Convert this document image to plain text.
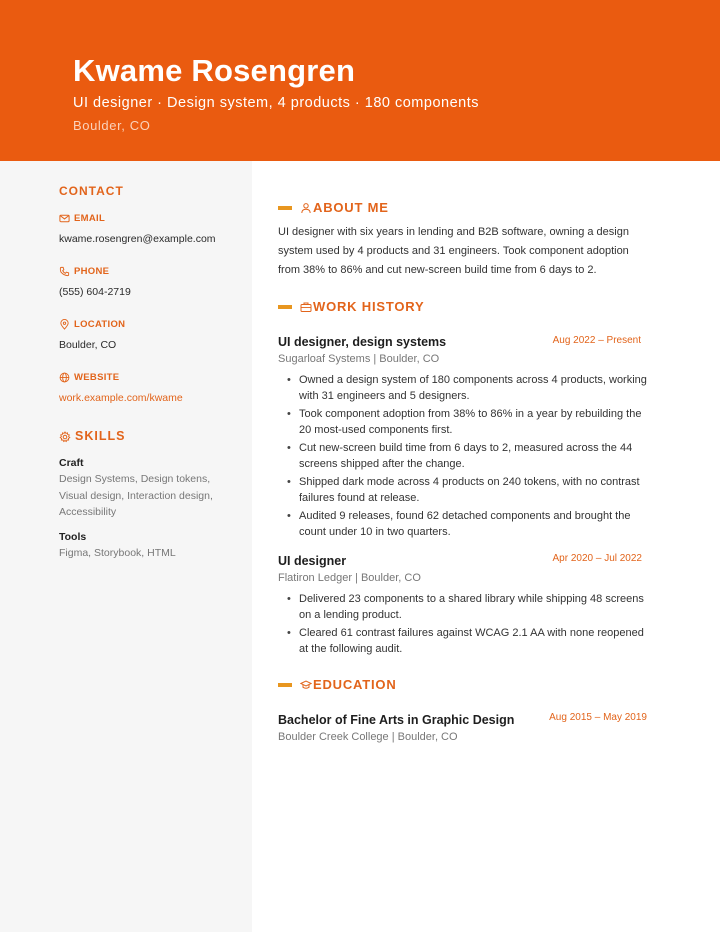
Kwame Rosengren
UI designer · Design system, 4 products · 180 components
Boulder, CO
CONTACT
EMAIL
kwame.rosengren@example.com
PHONE
(555) 604-2719
LOCATION
Boulder, CO
WEBSITE
work.example.com/kwame
SKILLS
Craft
Design Systems, Design tokens, Visual design, Interaction design, Accessibility
Tools
Figma, Storybook, HTML
ABOUT ME
UI designer with six years in lending and B2B software, owning a design system used by 4 products and 31 engineers. Took component adoption from 38% to 86% and cut new-screen build time from 6 days to 2.
WORK HISTORY
UI designer, design systems	Aug 2022 – Present
Sugarloaf Systems | Boulder, CO
• Owned a design system of 180 components across 4 products, working with 31 engineers and 5 designers.
• Took component adoption from 38% to 86% in a year by rebuilding the 20 most-used components first.
• Cut new-screen build time from 6 days to 2, measured across the 44 screens shipped after the change.
• Shipped dark mode across 4 products on 240 tokens, with no contrast failures found at release.
• Audited 9 releases, found 62 detached components and brought the count under 10 in two quarters.
UI designer	Apr 2020 – Jul 2022
Flatiron Ledger | Boulder, CO
• Delivered 23 components to a shared library while shipping 48 screens on a lending product.
• Cleared 61 contrast failures against WCAG 2.1 AA with none reopened at the following audit.
EDUCATION
Bachelor of Fine Arts in Graphic Design	Aug 2015 – May 2019
Boulder Creek College | Boulder, CO
